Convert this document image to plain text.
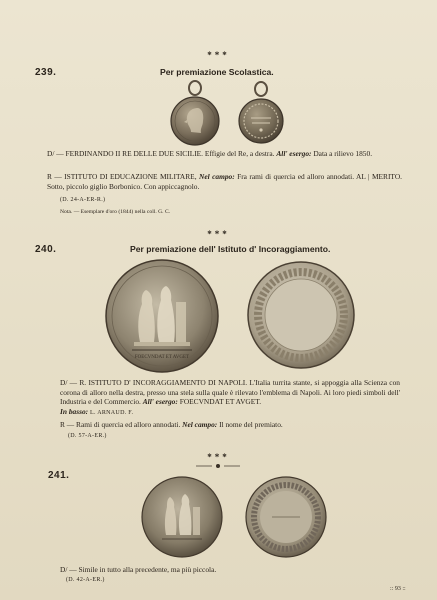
***
239.	Per premiazione Scolastica.
D/ — FERDINANDO II RE DELLE DUE SICILIE. Effigie del Re, a destra. All' esergo: Data a rilievo 1850.
R — ISTITUTO DI EDUCAZIONE MILITARE, Nel campo: Fra rami di quercia ed alloro annodati. AL | MERITO. Sotto, piccolo giglio Borbonico. Con appiccagnolo.
(D. 24-A-ER-R.)
Nota. — Esemplare d'oro (1844) nella coll. G. C.
***
240.	Per premiazione dell' Istituto d' Incoraggiamento.
FOECVNDAT ET AVGET
D/ — R. ISTITUTO D' INCORAGGIAMENTO DI NAPOLI. L'Italia turrita stante, si appoggia alla Scienza con corona di alloro nella destra, presso una stela sulla quale è rilevato l'emblema di Napoli. Ai loro piedi simboli dell' Industria e del Commercio. All' esergo: FOECVNDAT ET AVGET.
In basso: L. ARNAUD. F.
R — Rami di quercia ed alloro annodati. Nel campo: Il nome del premiato.
(D. 57-A-ER.)
***
241.
D/ — Simile in tutto alla precedente, ma più piccola.
(D. 42-A-ER.)
:: 93 ::
